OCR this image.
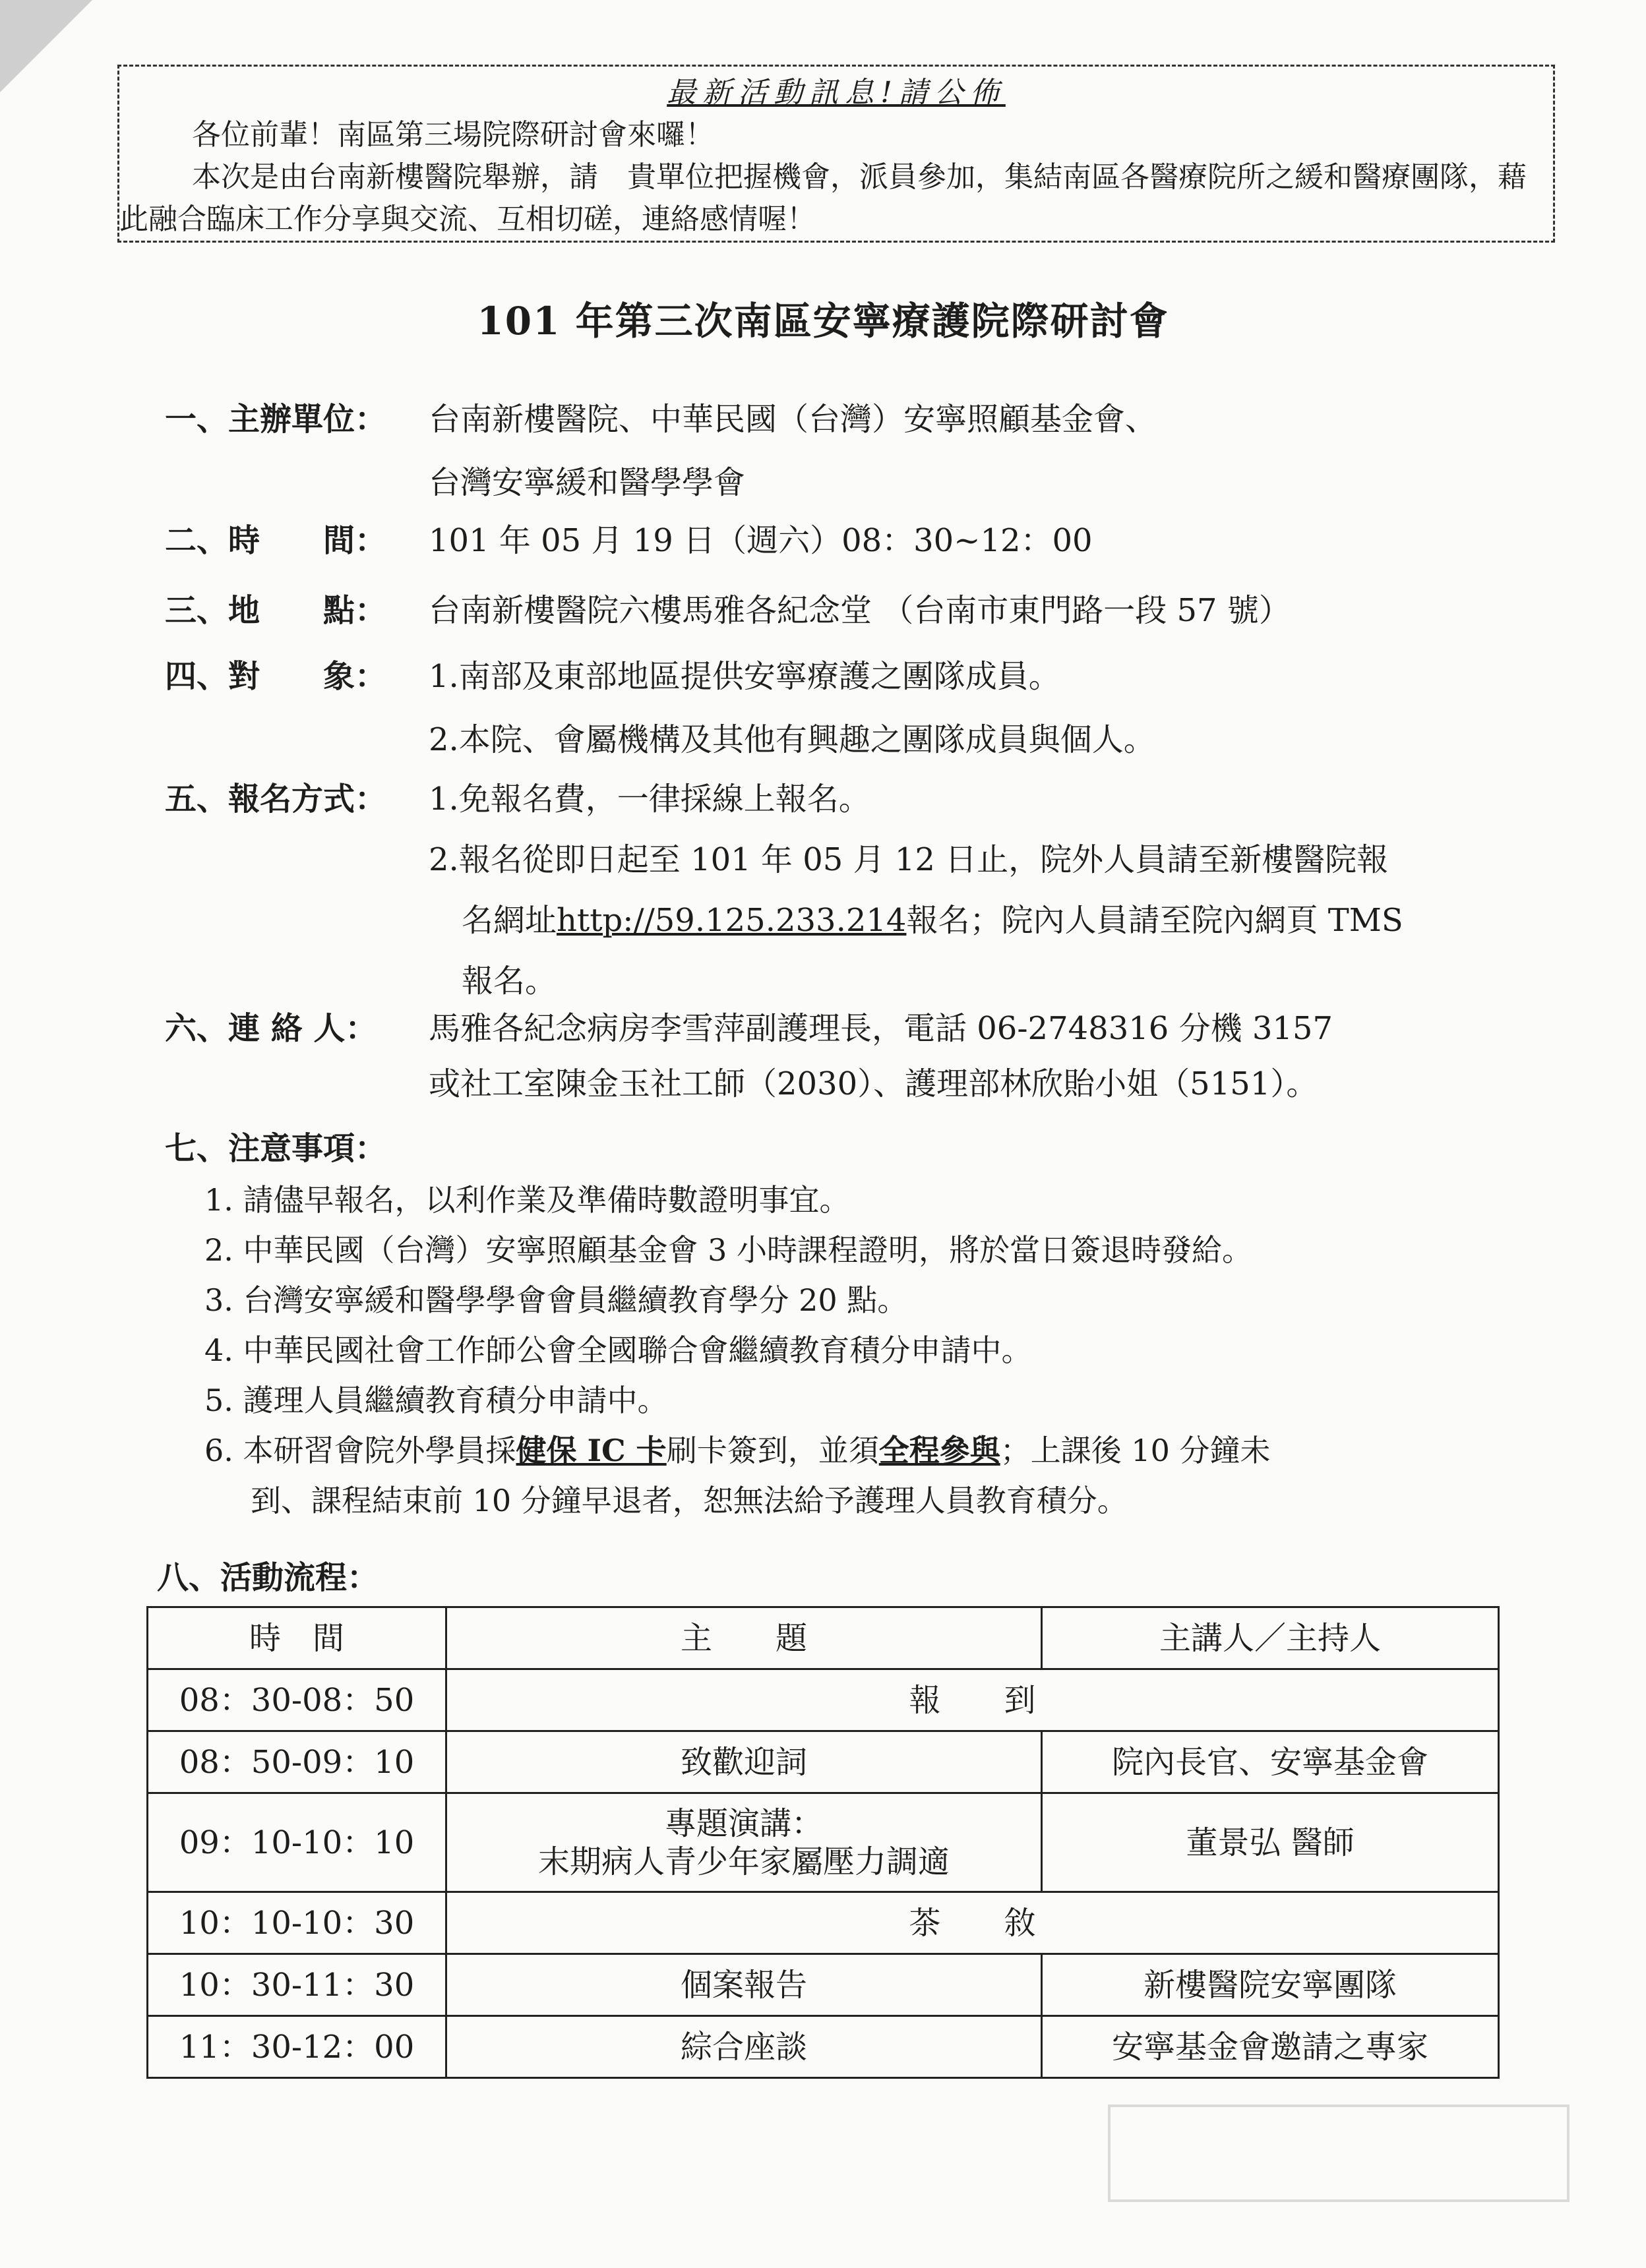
最新活動訊息!請公佈

各位前輩！南區第三場院際研討會來囉！

本次是由台南新樓醫院舉辦，請　貴單位把握機會，派員參加，集結南區各醫療院所之緩和醫療團隊，藉此融合臨床工作分享與交流、互相切磋，連絡感情喔！

101 年第三次南區安寧療護院際研討會
一、主辦單位：	台南新樓醫院、中華民國（台灣）安寧照顧基金會、

台灣安寧緩和醫學學會

二、時　　間：	101 年 05 月 19 日（週六）08：30~12：00

三、地　　點：	台南新樓醫院六樓馬雅各紀念堂 （台南市東門路一段 57 號）

四、對　　象：	1.南部及東部地區提供安寧療護之團隊成員。

2.本院、會屬機構及其他有興趣之團隊成員與個人。

五、報名方式：	1.免報名費，一律採線上報名。

2.報名從即日起至 101 年 05 月 12 日止，院外人員請至新樓醫院報

名網址http://59.125.233.214報名；院內人員請至院內網頁 TMS

報名。

六、連 絡 人：	馬雅各紀念病房李雪萍副護理長，電話 06-2748316 分機 3157

或社工室陳金玉社工師（2030）、護理部林欣貽小姐（5151）。

七、注意事項：

1. 請儘早報名，以利作業及準備時數證明事宜。

2. 中華民國（台灣）安寧照顧基金會 3 小時課程證明，將於當日簽退時發給。

3. 台灣安寧緩和醫學學會會員繼續教育學分 20 點。

4. 中華民國社會工作師公會全國聯合會繼續教育積分申請中。

5. 護理人員繼續教育積分申請中。

6. 本研習會院外學員採健保 IC 卡刷卡簽到，並須全程參與；上課後 10 分鐘未

到、課程結束前 10 分鐘早退者，恕無法給予護理人員教育積分。

八、活動流程：
時　間	主　　題	主講人／主持人
08：30-08：50	報　　到	
08：50-09：10	致歡迎詞	院內長官、安寧基金會
09：10-10：10	專題演講：
末期病人青少年家屬壓力調適	董景弘 醫師
10：10-10：30	茶　　敘	
10：30-11：30	個案報告	新樓醫院安寧團隊
11：30-12：00	綜合座談	安寧基金會邀請之專家
